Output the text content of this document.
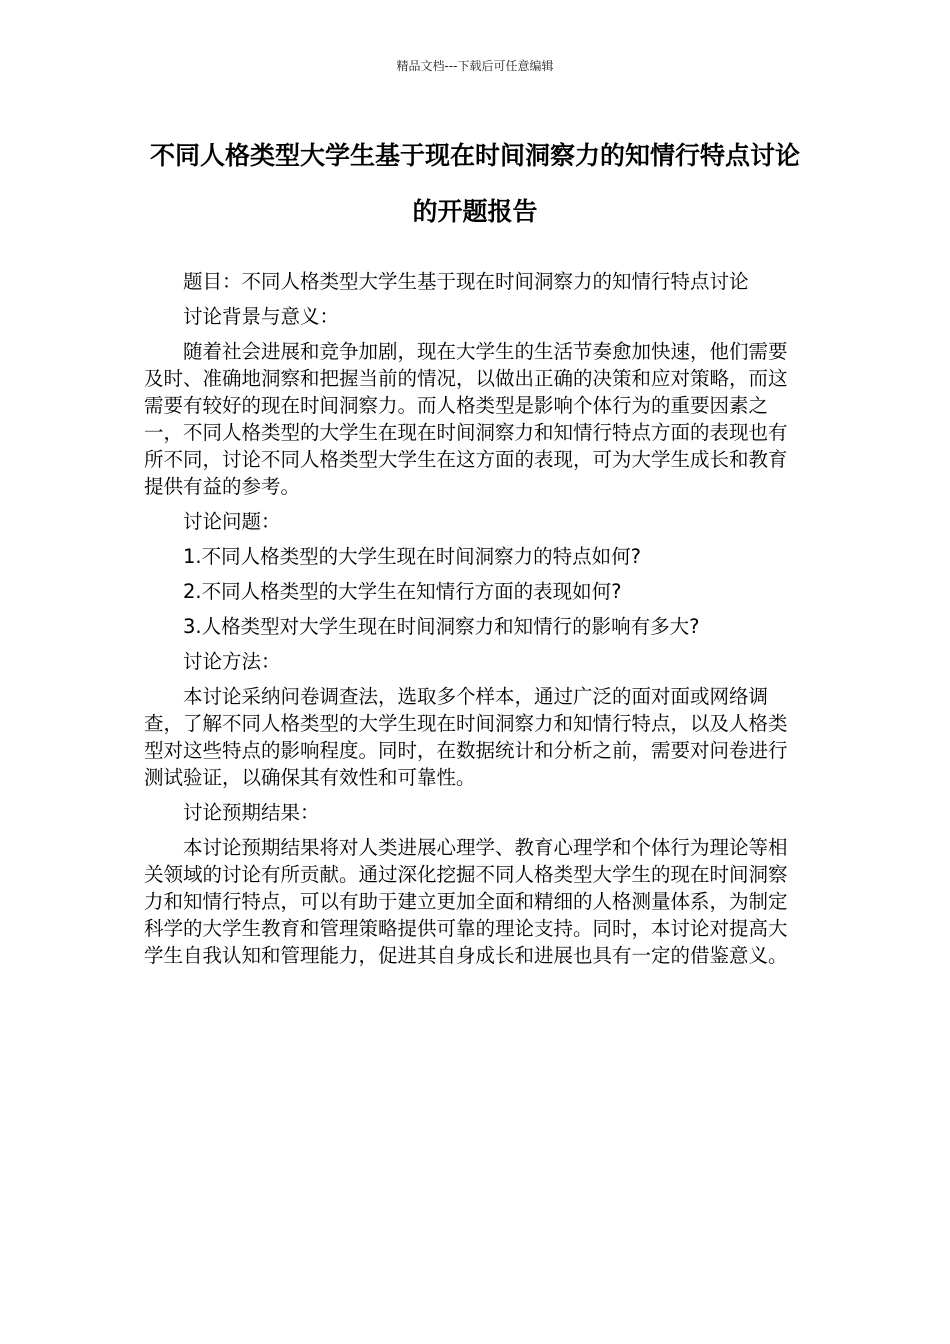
精品文档---下载后可任意编辑
不同人格类型大学生基于现在时间洞察力的知情行特点讨论的开题报告

题目：不同人格类型大学生基于现在时间洞察力的知情行特点讨论

讨论背景与意义：

随着社会进展和竞争加剧，现在大学生的生活节奏愈加快速，他们需要及时、准确地洞察和把握当前的情况，以做出正确的决策和应对策略，而这需要有较好的现在时间洞察力。而人格类型是影响个体行为的重要因素之一，不同人格类型的大学生在现在时间洞察力和知情行特点方面的表现也有所不同，讨论不同人格类型大学生在这方面的表现，可为大学生成长和教育提供有益的参考。

讨论问题：

1.不同人格类型的大学生现在时间洞察力的特点如何?

2.不同人格类型的大学生在知情行方面的表现如何?

3.人格类型对大学生现在时间洞察力和知情行的影响有多大?

讨论方法：

本讨论采纳问卷调查法，选取多个样本，通过广泛的面对面或网络调查，了解不同人格类型的大学生现在时间洞察力和知情行特点，以及人格类型对这些特点的影响程度。同时，在数据统计和分析之前，需要对问卷进行测试验证，以确保其有效性和可靠性。

讨论预期结果：

本讨论预期结果将对人类进展心理学、教育心理学和个体行为理论等相关领域的讨论有所贡献。通过深化挖掘不同人格类型大学生的现在时间洞察力和知情行特点，可以有助于建立更加全面和精细的人格测量体系，为制定科学的大学生教育和管理策略提供可靠的理论支持。同时，本讨论对提高大学生自我认知和管理能力，促进其自身成长和进展也具有一定的借鉴意义。
